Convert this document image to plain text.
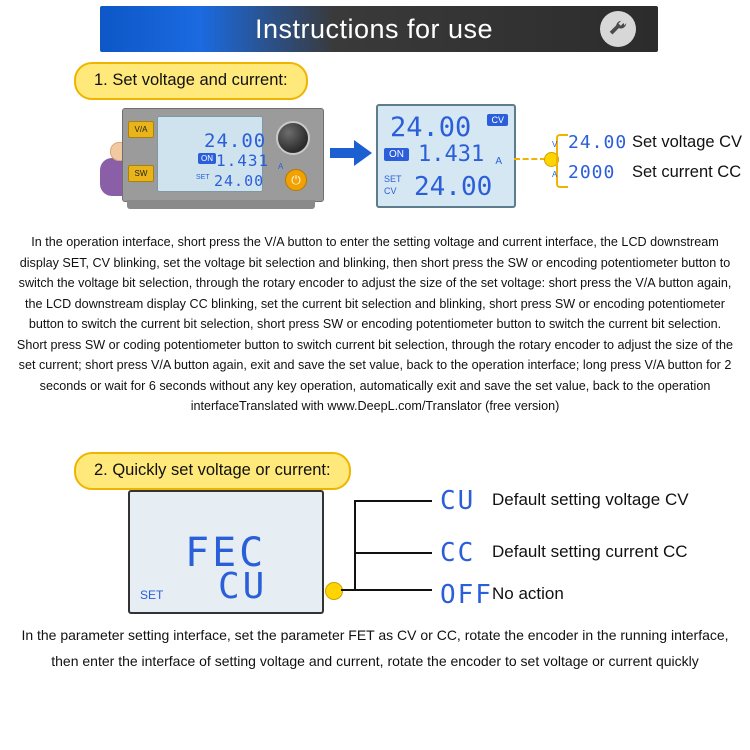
Instructions for use
1. Set voltage and current:
V/A
SW
24.00
ON 1.431 A
SET 24.00	⏻
24.00	CV
ON 1.431 A
SET
CV 24.00
V 24.00 Set voltage CV
A 2000 Set current CC
In the operation interface, short press the V/A button to enter the setting voltage and current interface, the LCD downstream display SET, CV blinking, set the voltage bit selection and blinking, then short press the SW or encoding potentiometer button to switch the voltage bit selection, through the rotary encoder to adjust the size of the set voltage: short press the V/A button again, the LCD downstream display CC blinking, set the current bit selection and blinking, short press SW or encoding potentiometer button to switch the current bit selection, short press SW or encoding potentiometer button to switch the current bit selection. Short press SW or coding potentiometer button to switch current bit selection, through the rotary encoder to adjust the size of the set current; short press V/A button again, exit and save the set value, back to the operation interface; long press V/A button for 2 seconds or wait for 6 seconds without any key operation, automatically exit and save the set value, back to the operation interfaceTranslated with www.DeepL.com/Translator (free version)
2. Quickly set voltage or current:
FEC
CU
SET
CU Default setting voltage CV
CC Default setting current CC
OFF No action
In the parameter setting interface, set the parameter FET as CV or CC, rotate the encoder in the running interface, then enter the interface of setting voltage and current, rotate the encoder to set voltage or current quickly
